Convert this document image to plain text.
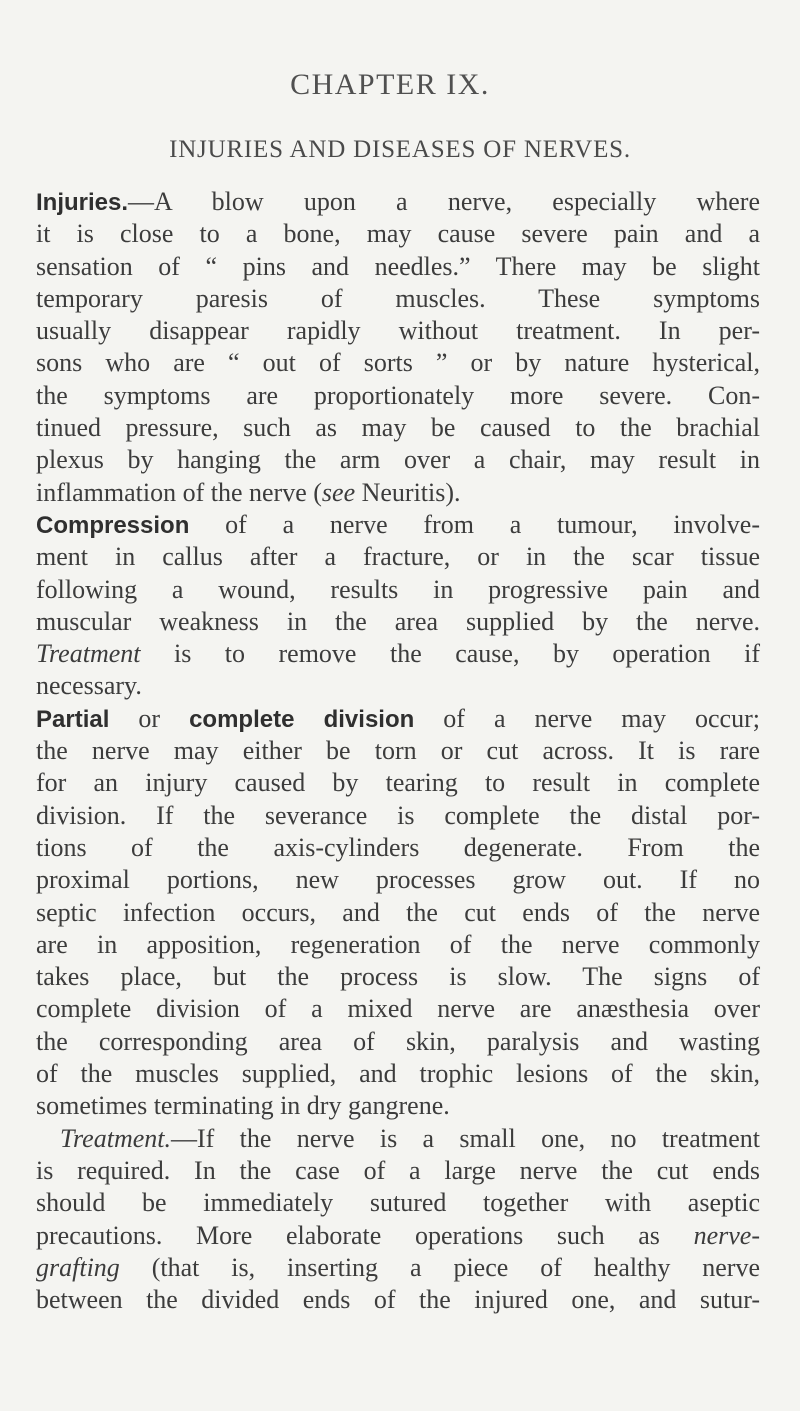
CHAPTER IX.
INJURIES AND DISEASES OF NERVES.
Injuries.—A blow upon a nerve, especially where
it is close to a bone, may cause severe pain and a
sensation of “ pins and needles.” There may be slight
temporary paresis of muscles. These symptoms
usually disappear rapidly without treatment. In per-
sons who are “ out of sorts ” or by nature hysterical,
the symptoms are proportionately more severe. Con-
tinued pressure, such as may be caused to the brachial
plexus by hanging the arm over a chair, may result in
inflammation of the nerve (see Neuritis).
Compression of a nerve from a tumour, involve-
ment in callus after a fracture, or in the scar tissue
following a wound, results in progressive pain and
muscular weakness in the area supplied by the nerve.
Treatment is to remove the cause, by operation if
necessary.
Partial or complete division of a nerve may occur;
the nerve may either be torn or cut across. It is rare
for an injury caused by tearing to result in complete
division. If the severance is complete the distal por-
tions of the axis-cylinders degenerate. From the
proximal portions, new processes grow out. If no
septic infection occurs, and the cut ends of the nerve
are in apposition, regeneration of the nerve commonly
takes place, but the process is slow. The signs of
complete division of a mixed nerve are anæsthesia over
the corresponding area of skin, paralysis and wasting
of the muscles supplied, and trophic lesions of the skin,
sometimes terminating in dry gangrene.
Treatment.—If the nerve is a small one, no treatment
is required. In the case of a large nerve the cut ends
should be immediately sutured together with aseptic
precautions. More elaborate operations such as nerve-
grafting (that is, inserting a piece of healthy nerve
between the divided ends of the injured one, and sutur-
